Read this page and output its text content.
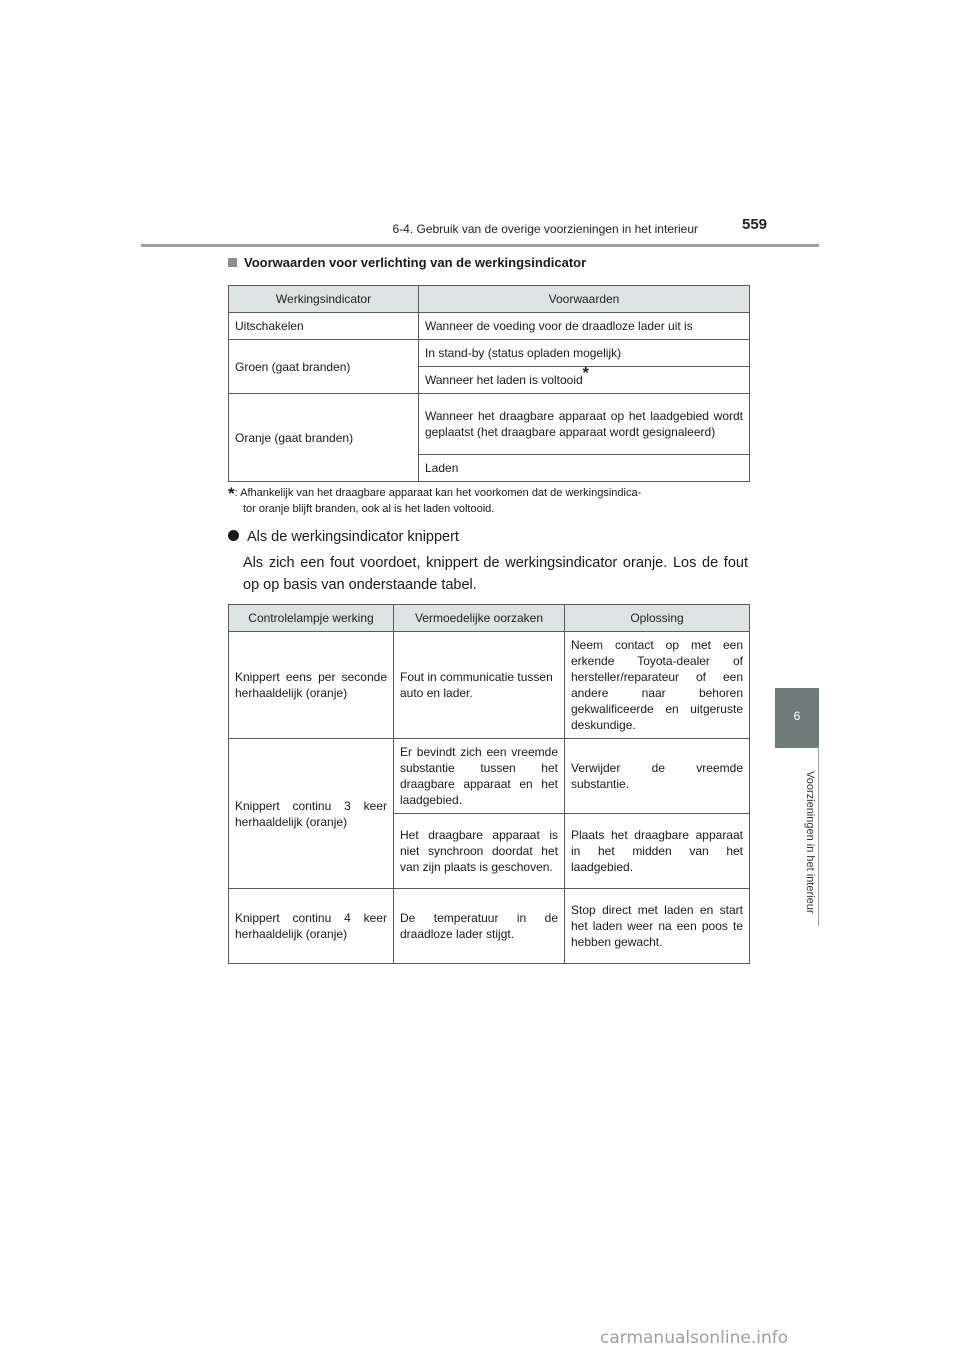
6-4. Gebruik van de overige voorzieningen in het interieur	559
6
Voorzieningen in het interieur
Voorwaarden voor verlichting van de werkingsindicator
Werkingsindicator	Voorwaarden
Uitschakelen	Wanneer de voeding voor de draadloze lader uit is
Groen (gaat branden)	In stand-by (status opladen mogelijk)
	Wanneer het laden is voltooid*
Oranje (gaat branden)	Wanneer het draagbare apparaat op het laadgebied wordt geplaatst (het draagbare apparaat wordt gesignaleerd)
	Laden
*: Afhankelijk van het draagbare apparaat kan het voorkomen dat de werkingsindica-
tor oranje blijft branden, ook al is het laden voltooid.
Als de werkingsindicator knippert
Als zich een fout voordoet, knippert de werkingsindicator oranje. Los de fout op op basis van onderstaande tabel.
Controlelampje werking	Vermoedelijke oorzaken	Oplossing
Knippert eens per seconde herhaaldelijk (oranje)	Fout in communicatie tussen auto en lader.	Neem contact op met een erkende Toyota-dealer of hersteller/reparateur of een andere naar behoren gekwalificeerde en uitgeruste deskundige.
Knippert continu 3 keer herhaaldelijk (oranje)	Er bevindt zich een vreemde substantie tussen het draagbare apparaat en het laadgebied.	Verwijder de vreemde substantie.
	Het draagbare apparaat is niet synchroon doordat het van zijn plaats is geschoven.	Plaats het draagbare apparaat in het midden van het laadgebied.
Knippert continu 4 keer herhaaldelijk (oranje)	De temperatuur in de draadloze lader stijgt.	Stop direct met laden en start het laden weer na een poos te hebben gewacht.
carmanualsonline.info
